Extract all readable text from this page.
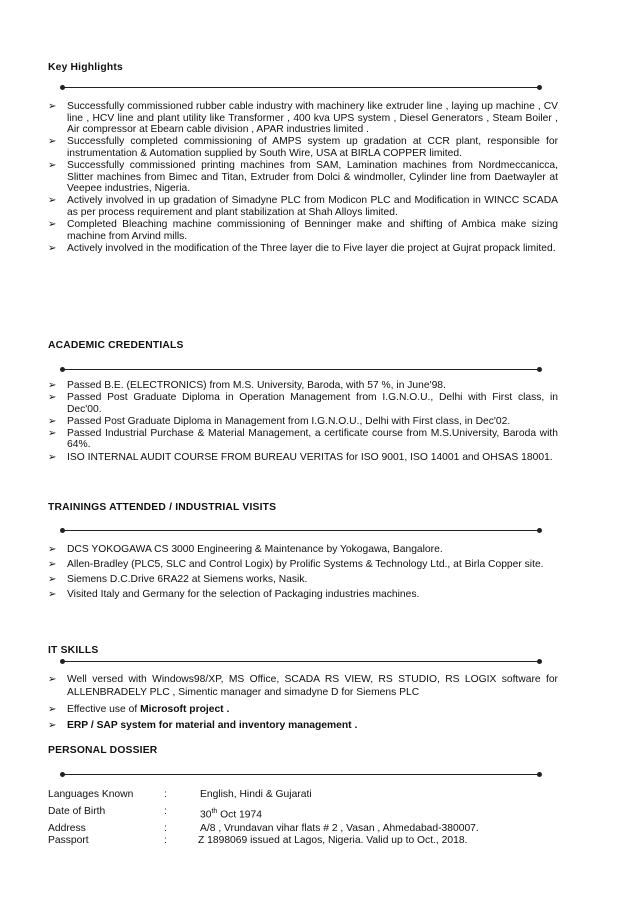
Key Highlights
➢ Successfully commissioned rubber cable industry with machinery like extruder line , laying up machine , CV line , HCV line and plant utility like Transformer , 400 kva UPS system , Diesel Generators , Steam Boiler , Air compressor at Ebearn cable division , APAR industries limited .
➢ Successfully completed commissioning of AMPS system up gradation at CCR plant, responsible for instrumentation & Automation supplied by South Wire, USA at BIRLA COPPER limited.
➢ Successfully commissioned printing machines from SAM, Lamination machines from Nordmeccanicca, Slitter machines from Bimec and Titan, Extruder from Dolci & windmoller, Cylinder line from Daetwayler at Veepee industries, Nigeria.
➢ Actively involved in up gradation of Simadyne PLC from Modicon PLC and Modification in WINCC SCADA as per process requirement and plant stabilization at Shah Alloys limited.
➢ Completed Bleaching machine commissioning of Benninger make and shifting of Ambica make sizing machine from Arvind mills.
➢ Actively involved in the modification of the Three layer die to Five layer die project at Gujrat propack limited.
ACADEMIC CREDENTIALS
➢ Passed B.E. (ELECTRONICS) from M.S. University, Baroda, with 57 %, in June'98.
➢ Passed Post Graduate Diploma in Operation Management from I.G.N.O.U., Delhi with First class, in Dec'00.
➢ Passed Post Graduate Diploma in Management from I.G.N.O.U., Delhi with First class, in Dec'02.
➢ Passed Industrial Purchase & Material Management, a certificate course from M.S.University, Baroda with 64%.
➢ ISO INTERNAL AUDIT COURSE FROM BUREAU VERITAS for ISO 9001, ISO 14001 and OHSAS 18001.
TRAININGS ATTENDED / INDUSTRIAL VISITS
➢ DCS YOKOGAWA CS 3000 Engineering & Maintenance by Yokogawa, Bangalore.
➢ Allen-Bradley (PLC5, SLC and Control Logix) by Prolific Systems & Technology Ltd., at Birla Copper site.
➢ Siemens D.C.Drive 6RA22 at Siemens works, Nasik.
➢ Visited Italy and Germany for the selection of Packaging industries machines.
IT SKILLS
➢ Well versed with Windows98/XP, MS Office, SCADA RS VIEW, RS STUDIO, RS LOGIX software for ALLENBRADELY PLC , Simentic manager and simadyne D for Siemens PLC
➢ Effective use of Microsoft project .
➢ ERP / SAP system for material and inventory management .
PERSONAL DOSSIER
Languages Known	:	English, Hindi & Gujarati
Date of Birth	:	30th Oct 1974
Address	:	A/8 , Vrundavan vihar flats # 2 , Vasan , Ahmedabad-380007.
Passport	:	Z 1898069 issued at Lagos, Nigeria. Valid up to Oct., 2018.
